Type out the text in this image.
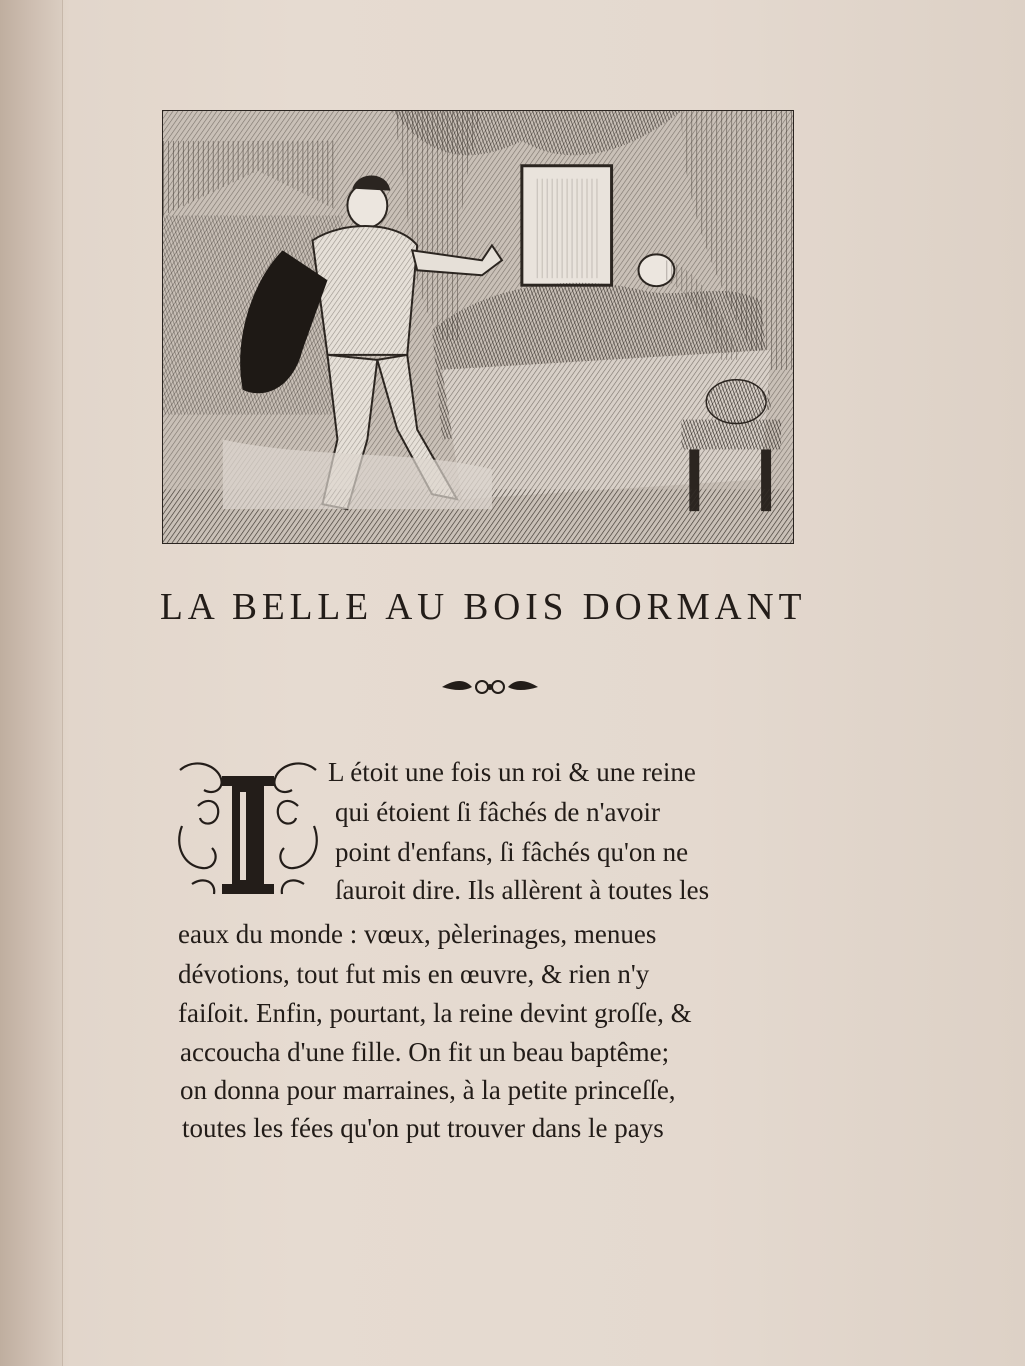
LA BELLE AU BOIS DORMANT
L étoit une fois un roi & une reine
qui étoient ſi fâchés de n'avoir
point d'enfans, ſi fâchés qu'on ne
ſauroit dire. Ils allèrent à toutes les
eaux du monde : vœux, pèlerinages, menues
dévotions, tout fut mis en œuvre, & rien n'y
faiſoit. Enfin, pourtant, la reine devint groſſe, &
accoucha d'une fille. On fit un beau baptême;
on donna pour marraines, à la petite princeſſe,
toutes les fées qu'on put trouver dans le pays
